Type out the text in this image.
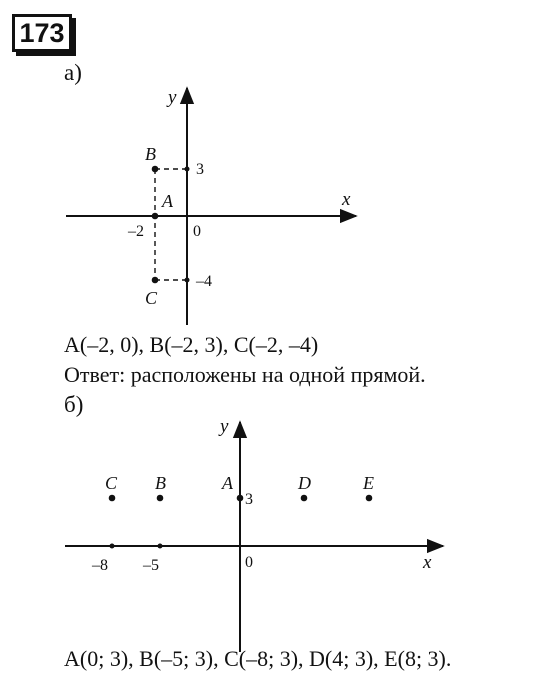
173
а)
x
y
0
–2
3
–4
B
A
C
x
y
0
–8 –5
3
C B	A	D	E
A(–2, 0), B(–2, 3), C(–2, –4)
Ответ: расположены на одной прямой.
б)
A(0; 3), B(–5; 3), C(–8; 3), D(4; 3), E(8; 3).
